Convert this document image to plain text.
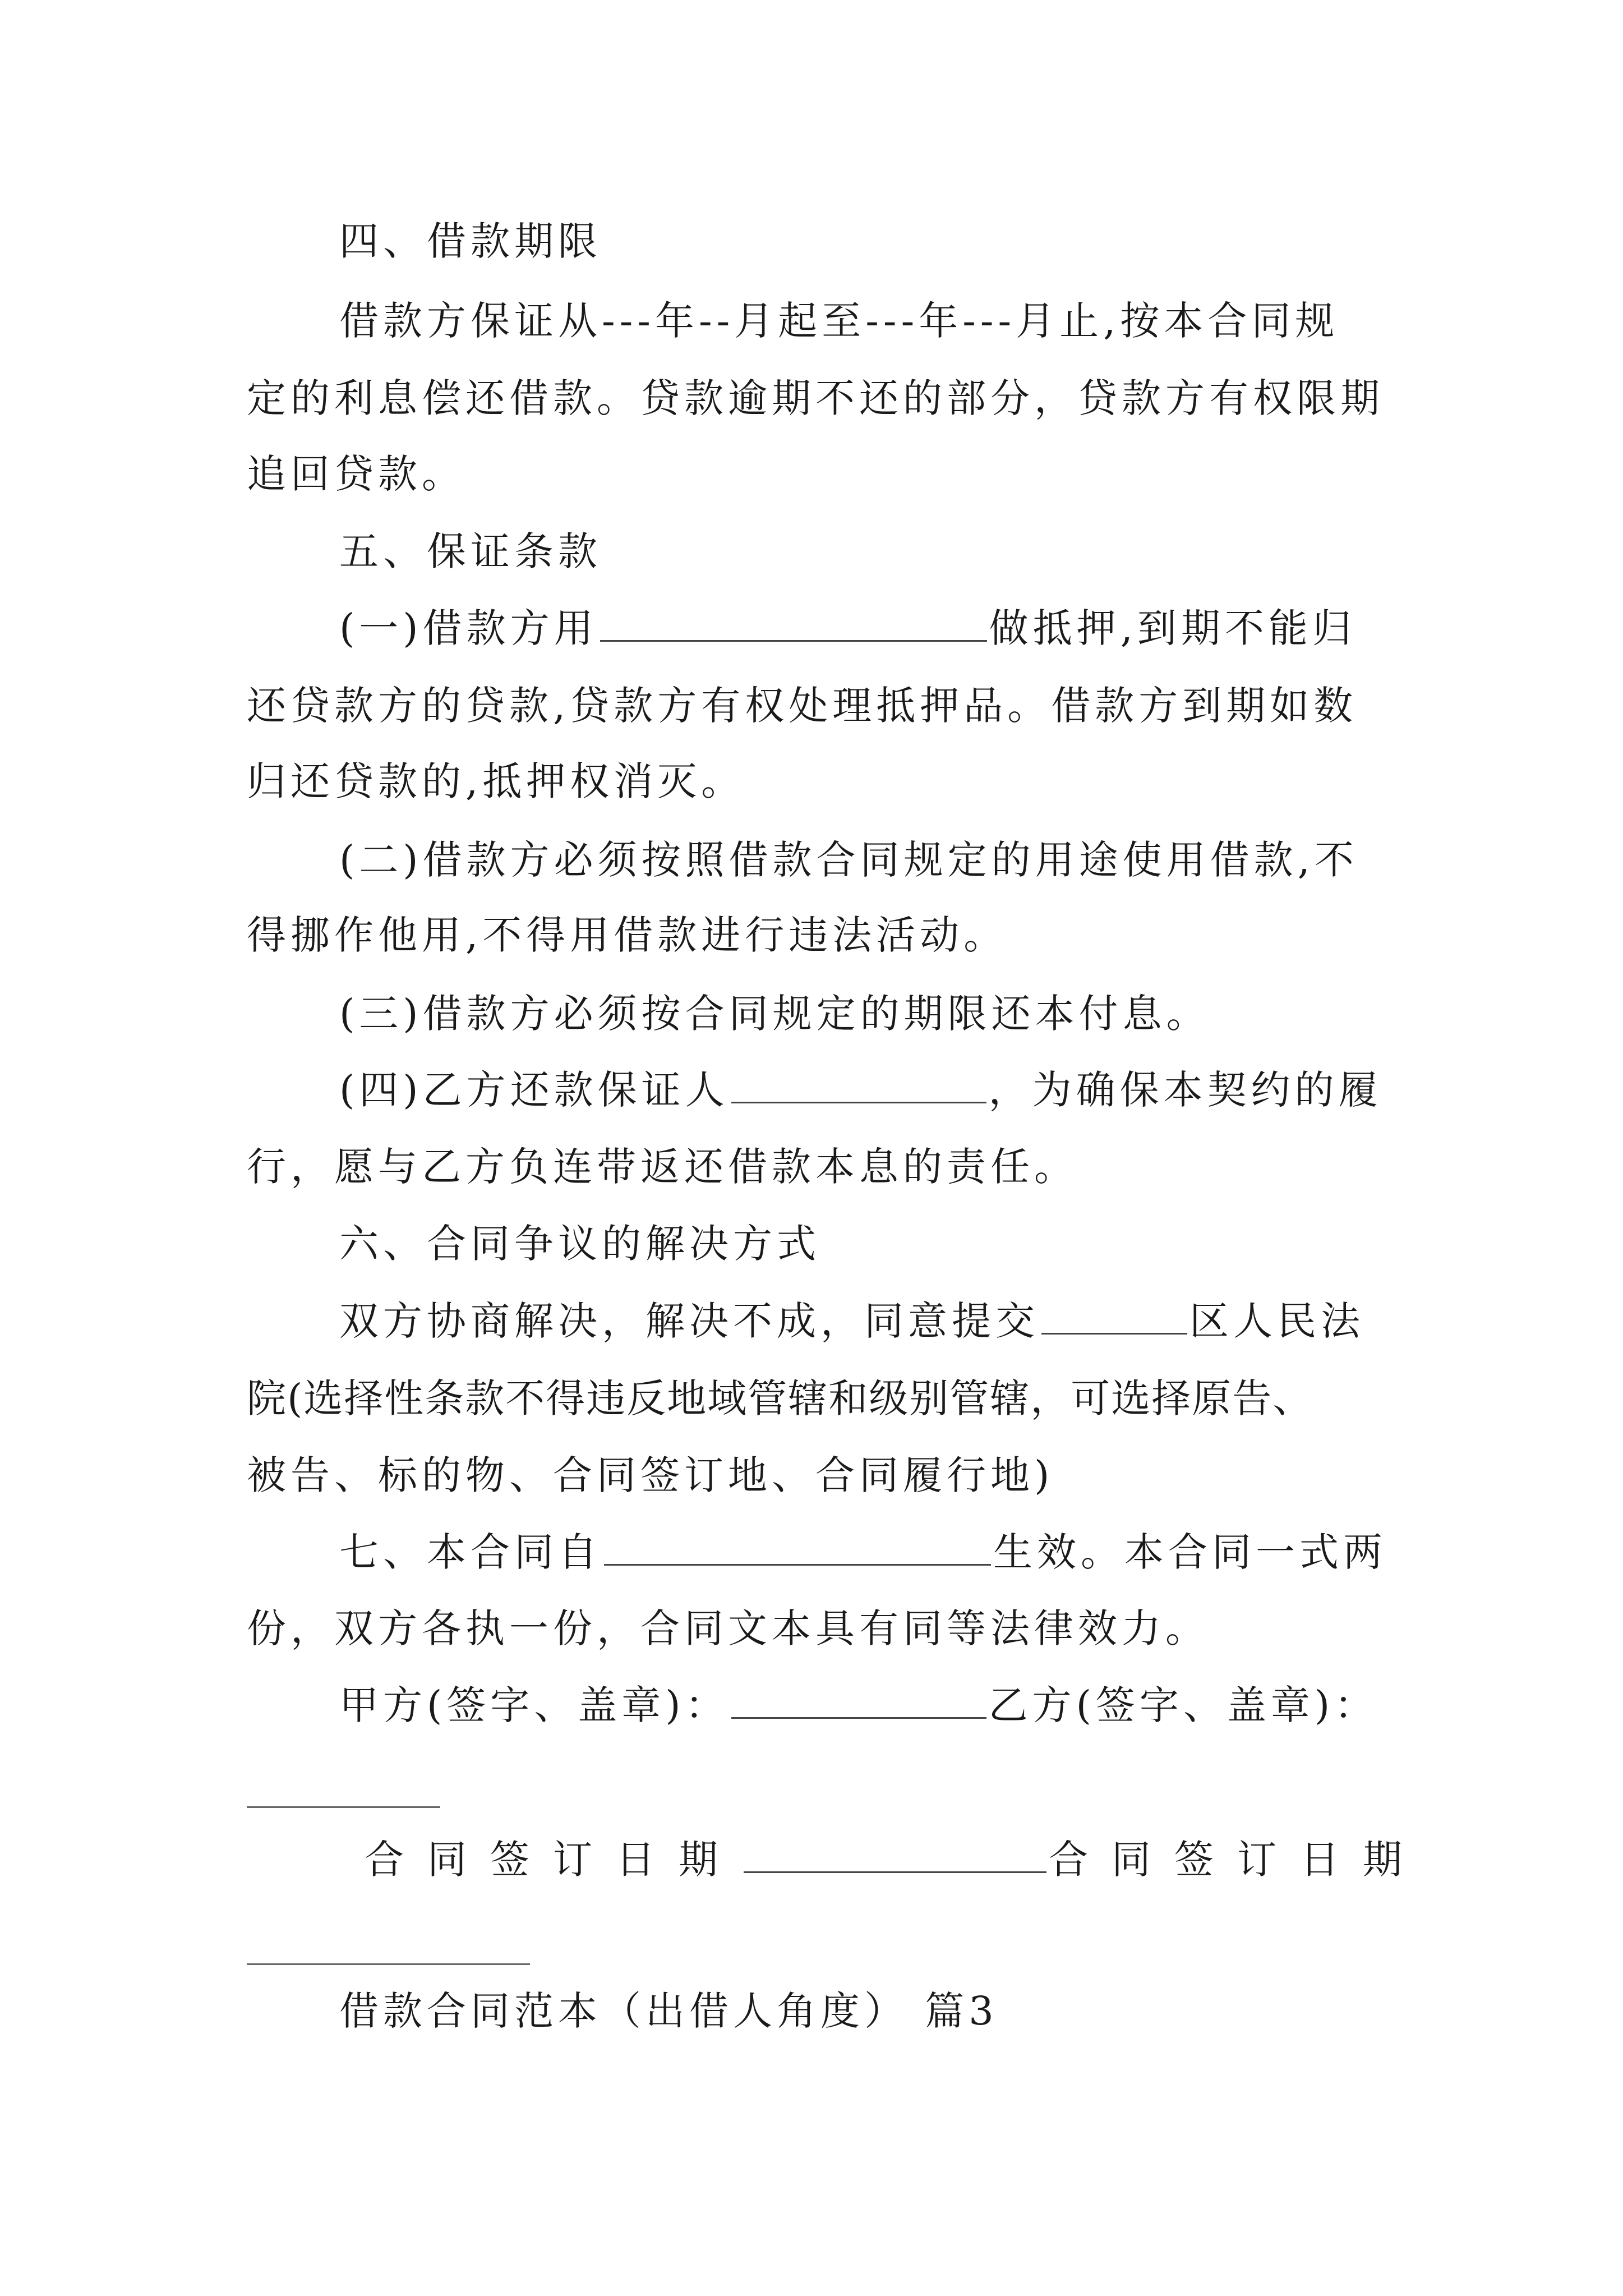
四、借款期限
借款方保证从---年--月起至---年---月止,按本合同规
定的利息偿还借款。贷款逾期不还的部分，贷款方有权限期
追回贷款。
五、保证条款
(一)借款方用	做抵押,到期不能归
还贷款方的贷款,贷款方有权处理抵押品。借款方到期如数
归还贷款的,抵押权消灭。
(二)借款方必须按照借款合同规定的用途使用借款,不
得挪作他用,不得用借款进行违法活动。
(三)借款方必须按合同规定的期限还本付息。
(四)乙方还款保证人	，为确保本契约的履
行，愿与乙方负连带返还借款本息的责任。
六、合同争议的解决方式
双方协商解决，解决不成，同意提交	区人民法
院(选择性条款不得违反地域管辖和级别管辖，可选择原告、
被告、标的物、合同签订地、合同履行地)
七、本合同自	生效。本合同一式两
份，双方各执一份，合同文本具有同等法律效力。
甲方(签字、盖章)：	乙方(签字、盖章)：
合同签订日期	合同签订日期
借款合同范本（出借人角度） 篇3
